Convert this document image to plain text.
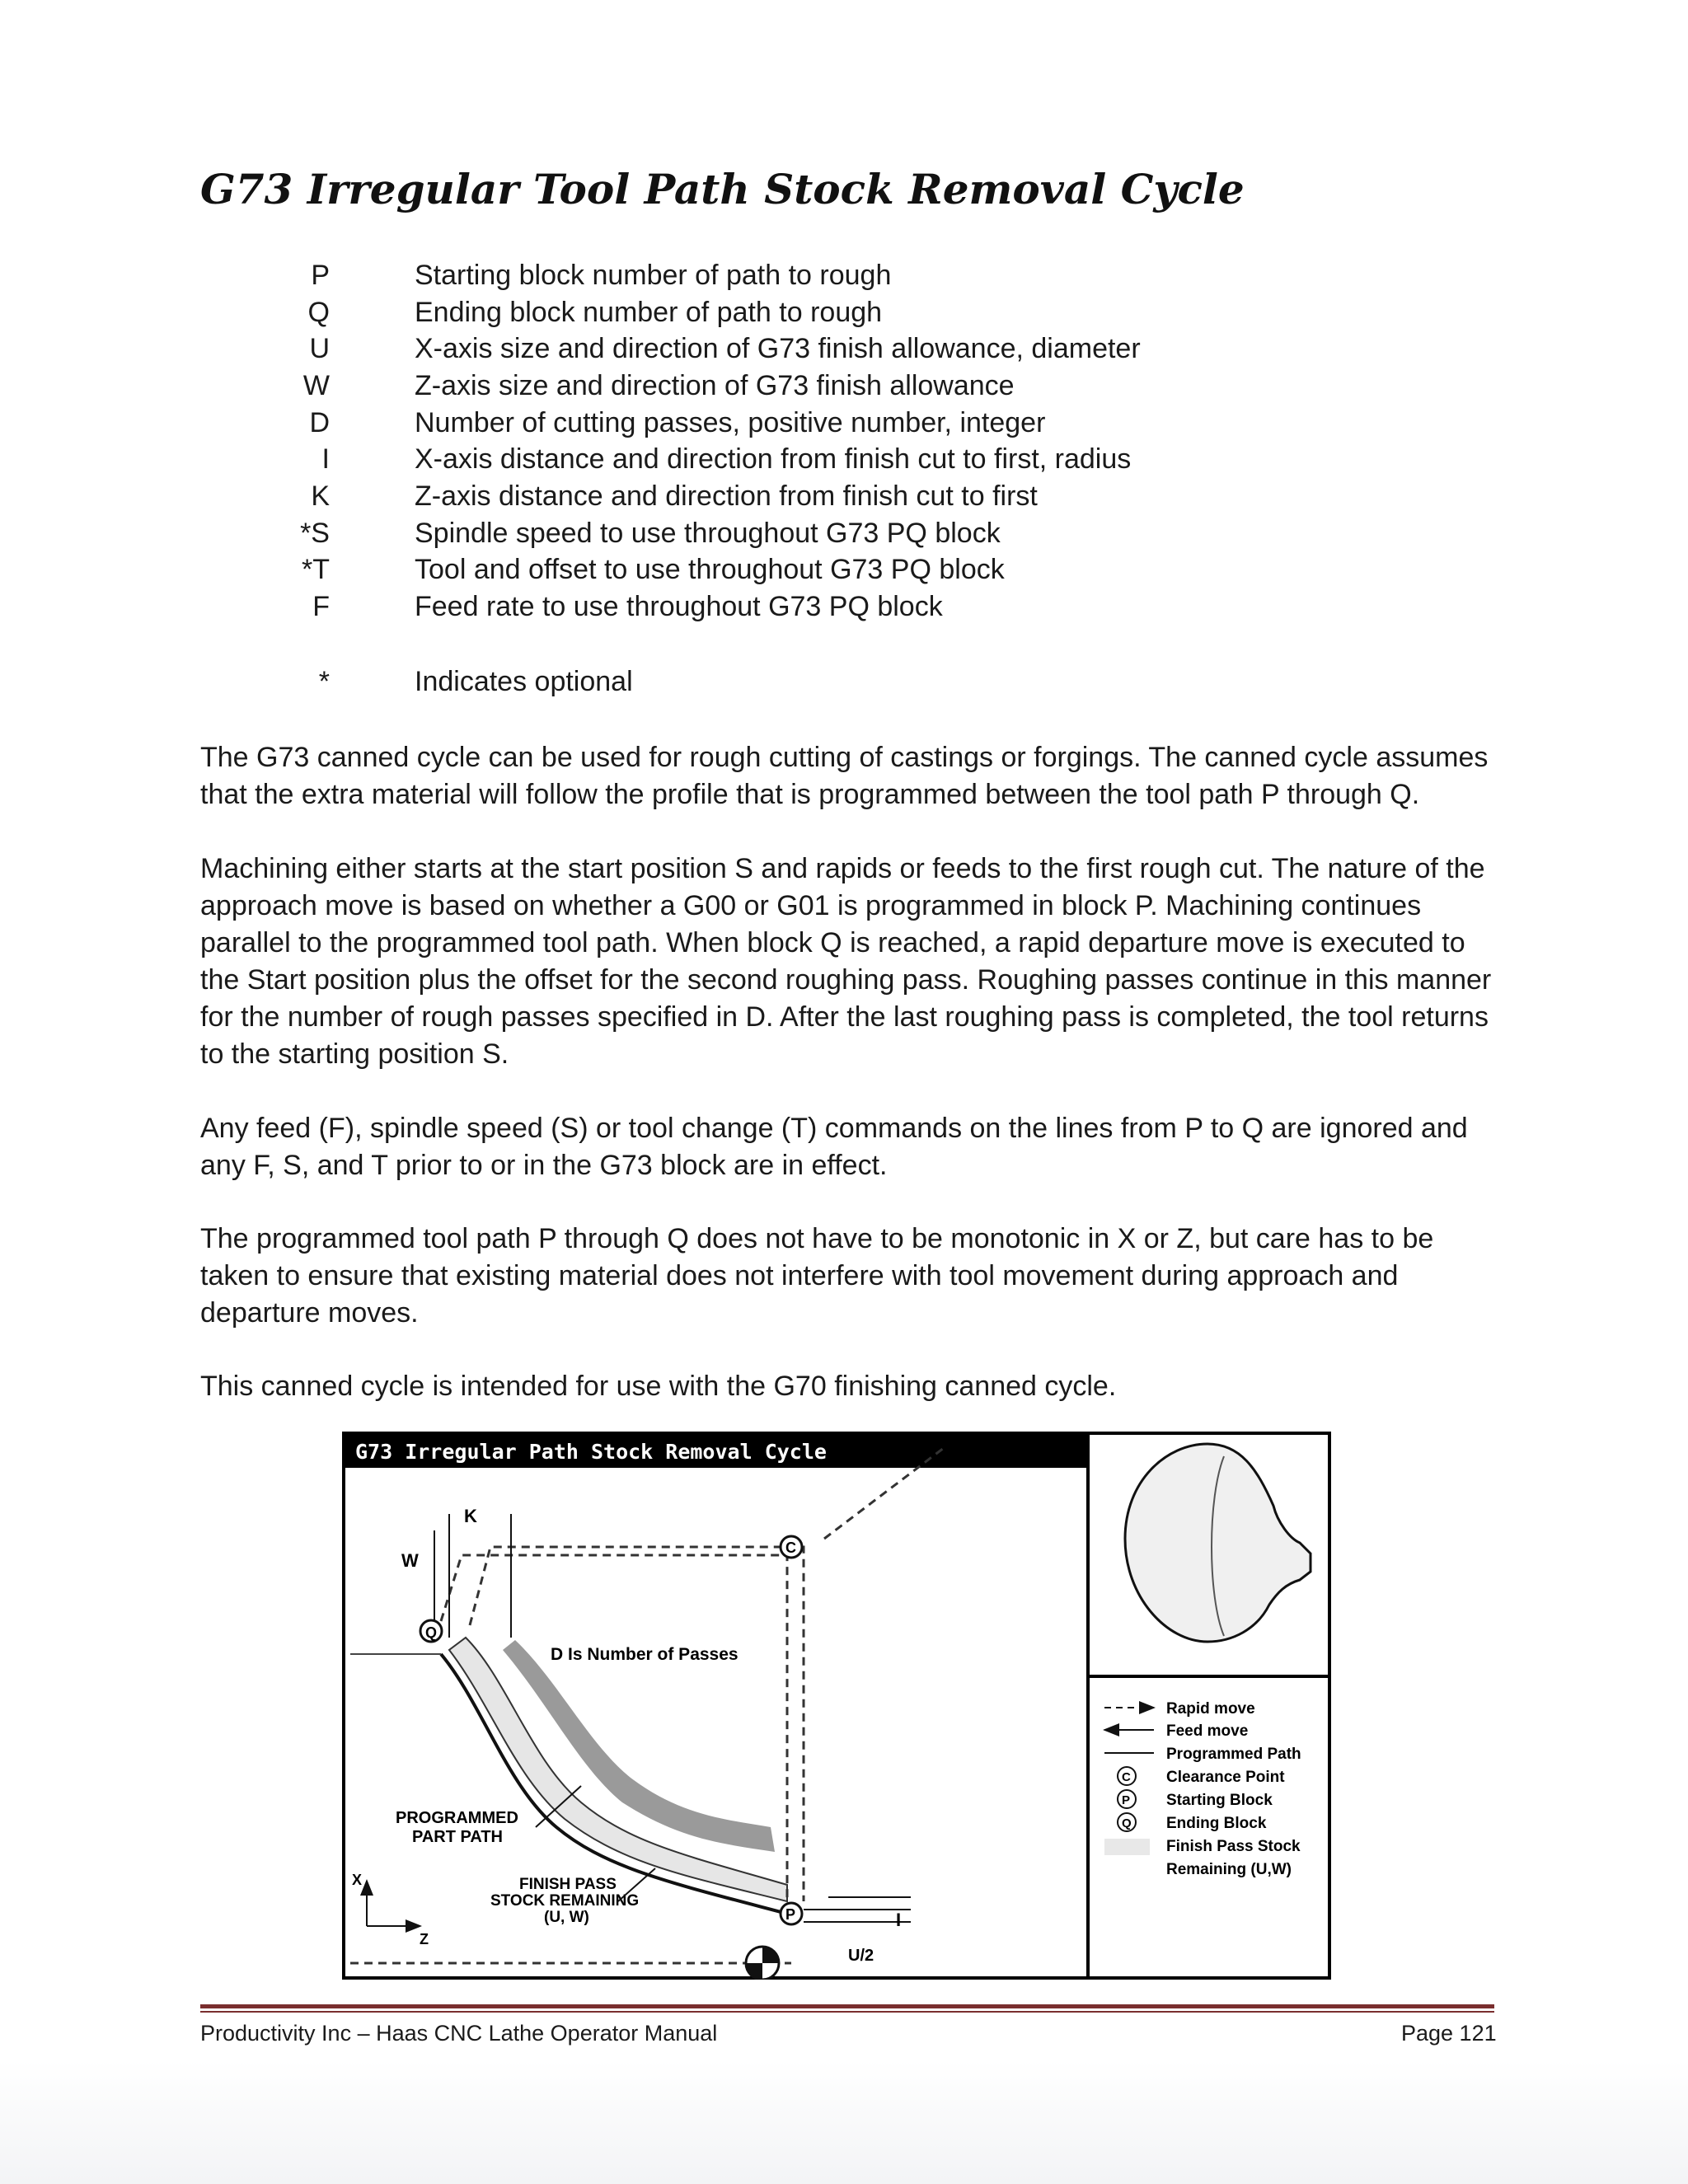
G73 Irregular Tool Path Stock Removal Cycle
P	Starting block number of path to rough
Q	Ending block number of path to rough
U	X-axis size and direction of G73 finish allowance, diameter
W	Z-axis size and direction of G73 finish allowance
D	Number of cutting passes, positive number, integer
I	X-axis distance and direction from finish cut to first, radius
K	Z-axis distance and direction from finish cut to first
*S	Spindle speed to use throughout G73 PQ block
*T	Tool and offset to use throughout G73 PQ block
F	Feed rate to use throughout G73 PQ block
*	Indicates optional

The G73 canned cycle can be used for rough cutting of castings or forgings. The canned cycle assumes that the extra material will follow the profile that is programmed between the tool path P through Q.

Machining either starts at the start position S and rapids or feeds to the first rough cut. The nature of the approach move is based on whether a G00 or G01 is programmed in block P. Machining continues parallel to the programmed tool path. When block Q is reached, a rapid departure move is executed to the Start position plus the offset for the second roughing pass. Roughing passes continue in this manner for the number of rough passes specified in D. After the last roughing pass is completed, the tool returns to the starting position S.

Any feed (F), spindle speed (S) or tool change (T) commands on the lines from P to Q are ignored and any F, S, and T prior to or in the G73 block are in effect.

The programmed tool path P through Q does not have to be monotonic in X or Z, but care has to be taken to ensure that existing material does not interfere with tool movement during approach and departure moves.

This canned cycle is intended for use with the G70 finishing canned cycle.

G73 Irregular Path Stock Removal Cycle
K
W
D Is Number of Passes
Q
C
P
PROGRAMMED
PART PATH
FINISH PASS
STOCK REMAINING
(U, W)	I
U/2
X
Z
Rapid move
Feed move
Programmed Path
C Clearance Point
P Starting Block
Q Ending Block
Finish Pass Stock
Remaining (U,W)
Productivity Inc – Haas CNC Lathe Operator Manual	Page 121
